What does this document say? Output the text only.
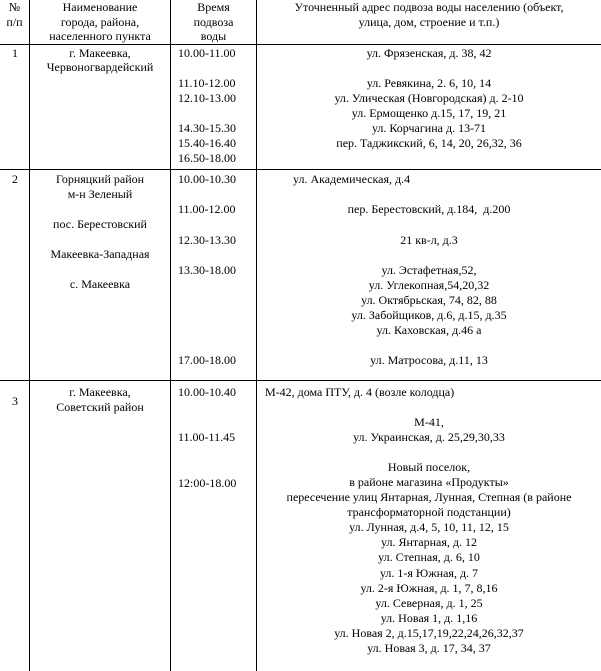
№
п/п
Наименование
города, района,
населенного пункта
Время
подвоза
воды
Уточненный адрес подвоза воды населению (объект,
улица, дом, строение и т.п.)
1	г. Макеевка,
Червоногвардейский
10.00-11.00
11.10-12.00
12.10-13.00
14.30-15.30
15.40-16.40
16.50-18.00
ул. Фрязенская, д. 38, 42
ул. Ревякина, 2. 6, 10, 14
ул. Улическая (Новгородская) д. 2-10
ул. Ермощенко д.15, 17, 19, 21
ул. Корчагина д. 13-71
пер. Таджикский, 6, 14, 20, 26,32, 36
2	Горняцкий район
м-н Зеленый
пос. Берестовский
Макеевка-Западная
с. Макеевка
10.00-10.30
11.00-12.00
12.30-13.30
13.30-18.00
17.00-18.00
ул. Академическая, д.4
пер. Берестовский, д.184,  д.200
21 кв-л, д.3
ул. Эстафетная,52,
ул. Углекопная,54,20,32
ул. Октябрьская, 74, 82, 88
ул. Забойщиков, д.6, д.15, д.35
ул. Каховская, д.46 а
ул. Матросова, д.11, 13
3
г. Макеевка,
Советский район
10.00-10.40
11.00-11.45
12:00-18.00
М-42, дома ПТУ, д. 4 (возле колодца)
М-41,
ул. Украинская, д. 25,29,30,33
Новый поселок,
в районе магазина «Продукты»
пересечение улиц Янтарная, Лунная, Степная (в районе
трансформаторной подстанции)
ул. Лунная, д.4, 5, 10, 11, 12, 15
ул. Янтарная, д. 12
ул. Степная, д. 6, 10
ул. 1-я Южная, д. 7
ул. 2-я Южная, д. 1, 7, 8,16
ул. Северная, д. 1, 25
ул. Новая 1, д. 1,16
ул. Новая 2, д.15,17,19,22,24,26,32,37
ул. Новая 3, д. 17, 34, 37
